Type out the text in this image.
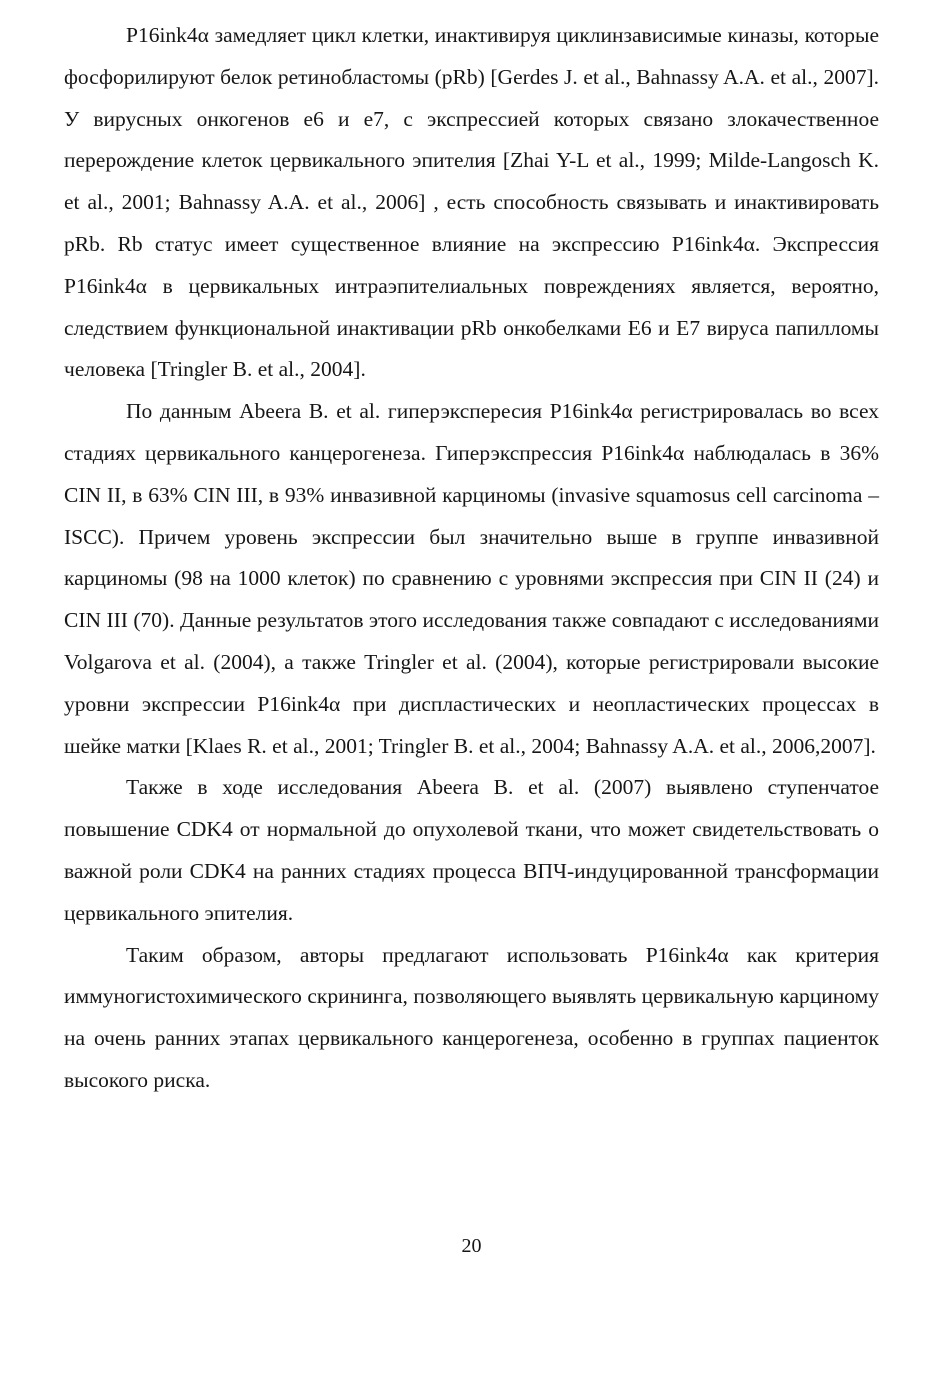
P16ink4α замедляет цикл клетки, инактивируя циклинзависимые киназы, которые фосфорилируют белок ретинобластомы (pRb) [Gerdes J. et al., Bahnassy A.A. et al., 2007]. У вирусных онкогенов е6 и е7, с экспрессией которых связано злокачественное перерождение клеток цервикального эпителия [Zhai Y-L et al., 1999; Milde-Langosch K. et al., 2001; Bahnassy A.A. et al., 2006] , есть способность связывать и инактивировать pRb. Rb статус имеет существенное влияние на экспрессию P16ink4α. Экспрессия P16ink4α в цервикальных интраэпителиальных повреждениях является, вероятно, следствием функциональной инактивации pRb онкобелками E6 и E7 вируса папилломы человека [Tringler B. et al., 2004].

По данным Abeera B. et al. гиперэкспересия P16ink4α регистрировалась во всех стадиях цервикального канцерогенеза. Гиперэкспрессия P16ink4α наблюдалась в 36% CIN II, в 63% CIN III, в 93% инвазивной карциномы (invasive squamosus cell carcinoma – ISCC). Причем уровень экспрессии был значительно выше в группе инвазивной карциномы (98 на 1000 клеток) по сравнению с уровнями экспрессия при CIN II (24) и CIN III (70). Данные результатов этого исследования также совпадают с исследованиями Volgarova et al. (2004), а также Tringler et al. (2004), которые регистрировали высокие уровни экспрессии P16ink4α при диспластических и неопластических процессах в шейке матки [Klaes R. et al., 2001; Tringler B. et al., 2004; Bahnassy A.A. et al., 2006,2007].

Также в ходе исследования Abeera B. et al. (2007) выявлено ступенчатое повышение CDK4 от нормальной до опухолевой ткани, что может свидетельствовать о важной роли CDK4 на ранних стадиях процесса ВПЧ-индуцированной трансформации цервикального эпителия.

Таким образом, авторы предлагают использовать P16ink4α как критерия иммуногистохимического скрининга, позволяющего выявлять цервикальную карциному на очень ранних этапах цервикального канцерогенеза, особенно в группах пациенток высокого риска.

20
